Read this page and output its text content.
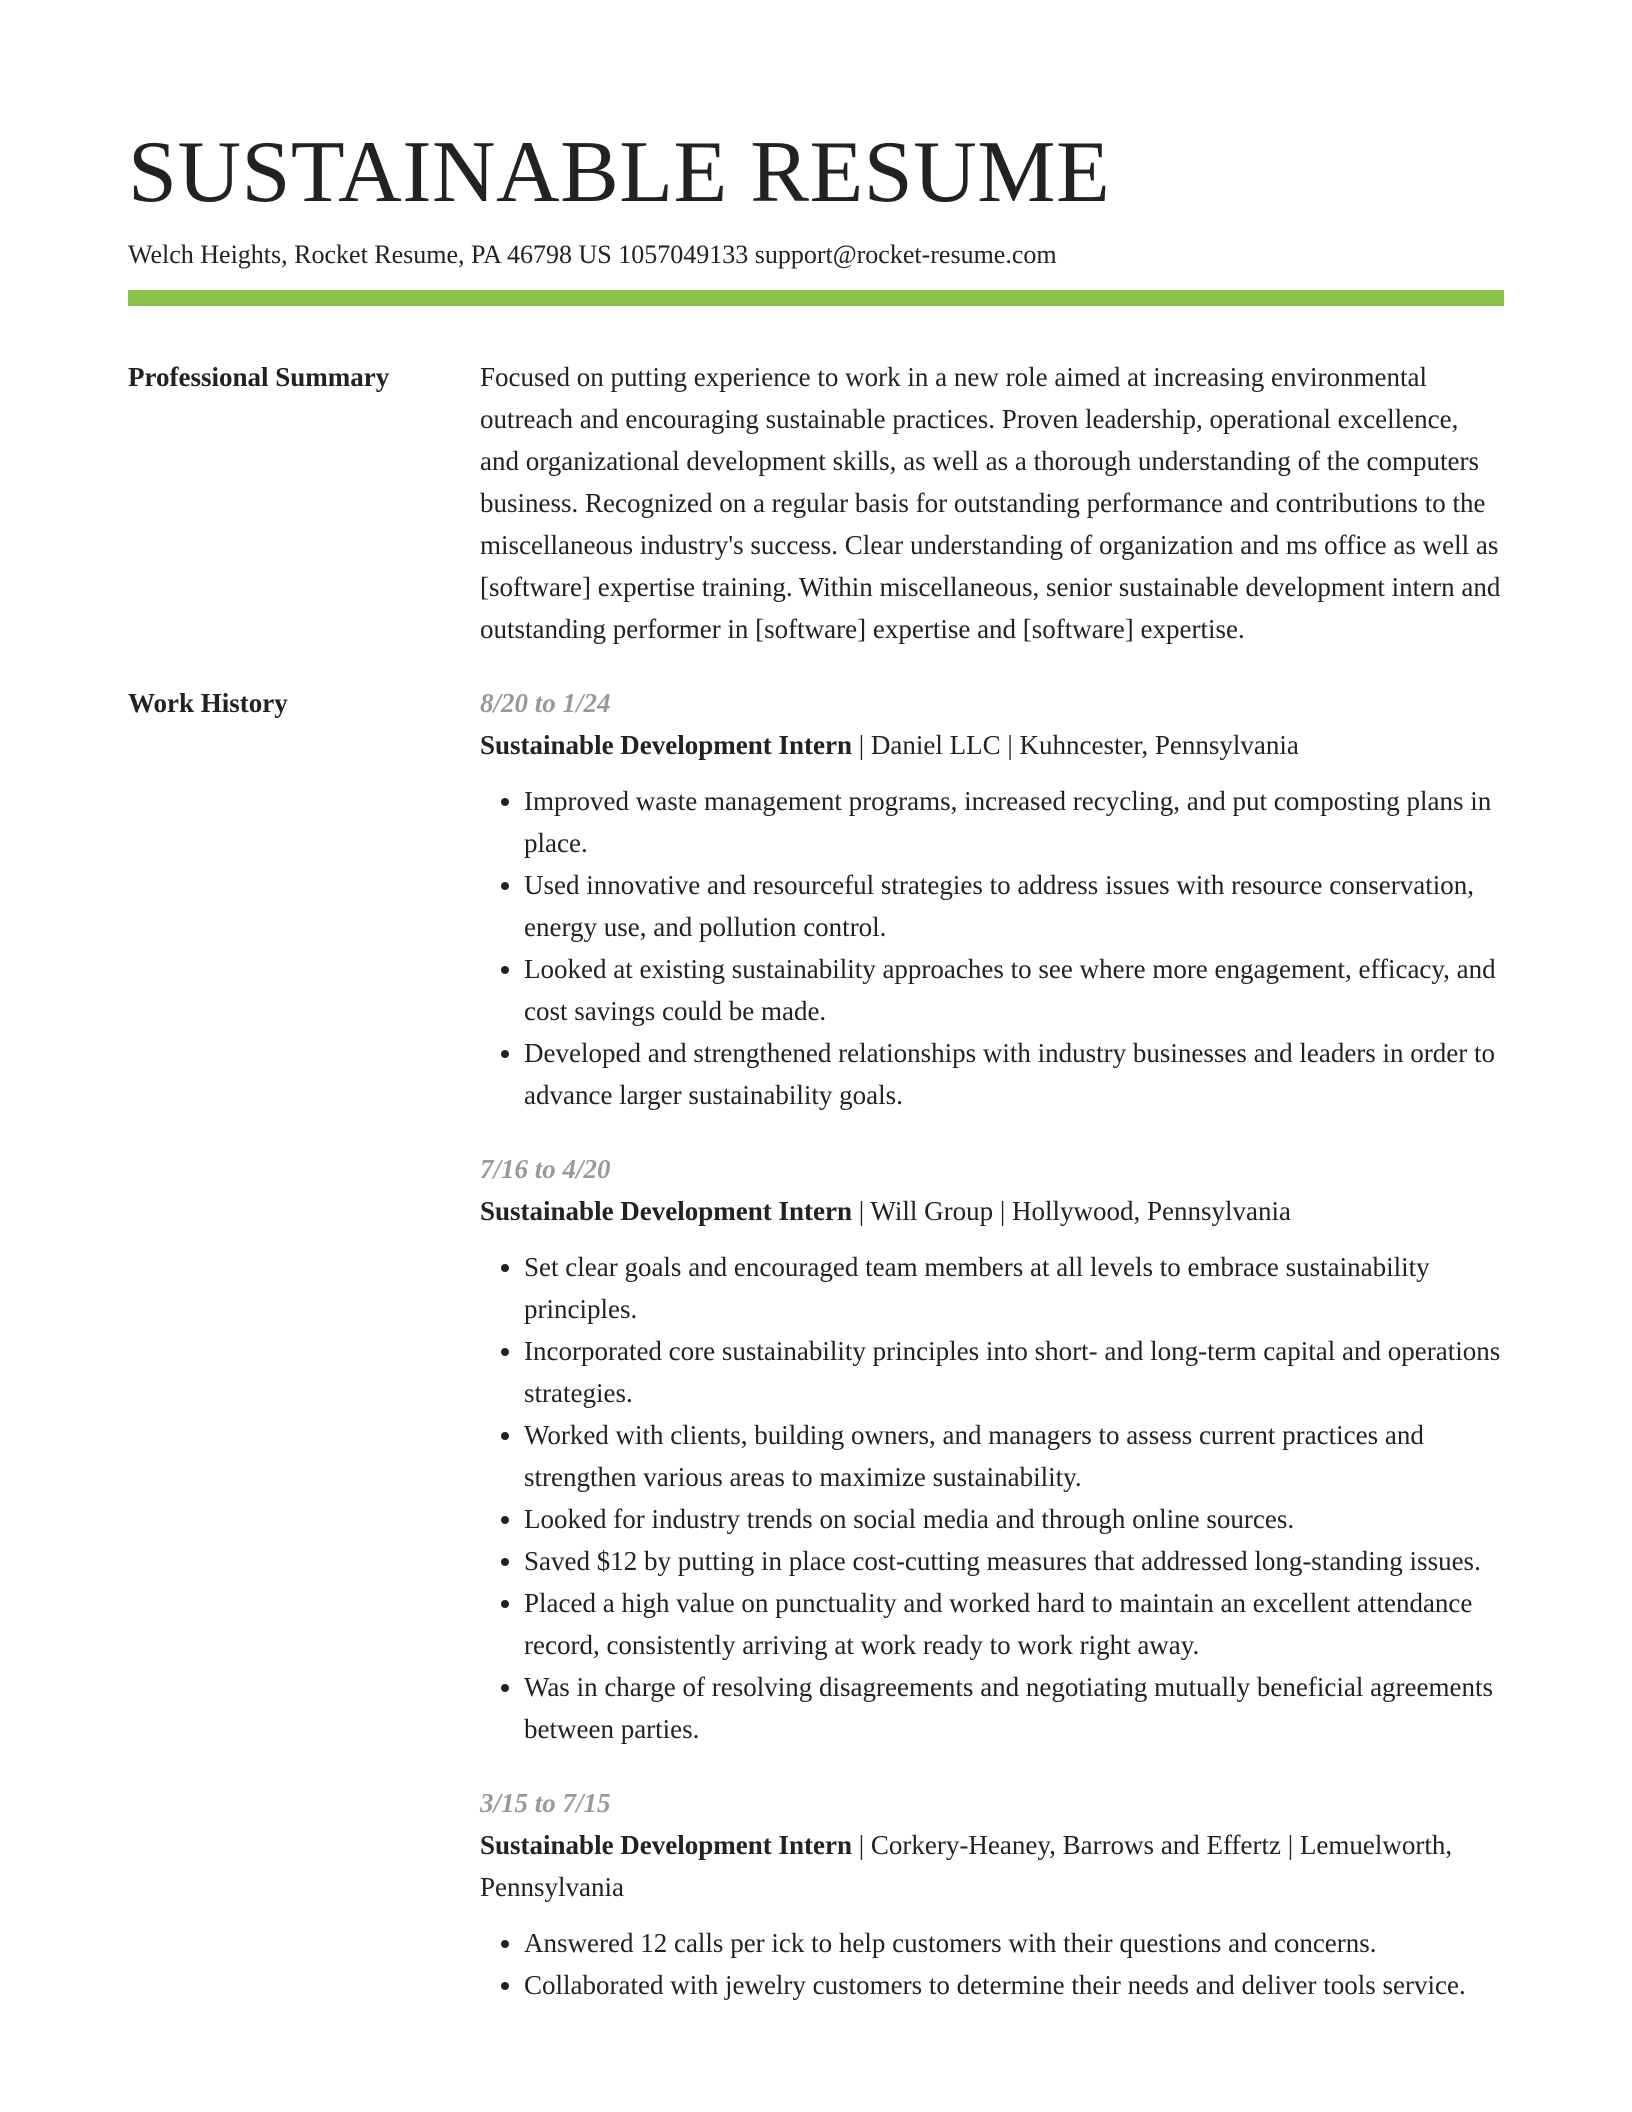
SUSTAINABLE RESUME
Welch Heights, Rocket Resume, PA 46798 US 1057049133 support@rocket-resume.com
Professional Summary	Focused on putting experience to work in a new role aimed at increasing environmental outreach and encouraging sustainable practices. Proven leadership, operational excellence, and organizational development skills, as well as a thorough understanding of the computers business. Recognized on a regular basis for outstanding performance and contributions to the miscellaneous industry's success. Clear understanding of organization and ms office as well as [software] expertise training. Within miscellaneous, senior sustainable development intern and outstanding performer in [software] expertise and [software] expertise.
Work History	8/20 to 1/24
Sustainable Development Intern | Daniel LLC | Kuhncester, Pennsylvania
• Improved waste management programs, increased recycling, and put composting plans in place.
• Used innovative and resourceful strategies to address issues with resource conservation, energy use, and pollution control.
• Looked at existing sustainability approaches to see where more engagement, efficacy, and cost savings could be made.
• Developed and strengthened relationships with industry businesses and leaders in order to advance larger sustainability goals.
7/16 to 4/20
Sustainable Development Intern | Will Group | Hollywood, Pennsylvania
• Set clear goals and encouraged team members at all levels to embrace sustainability principles.
• Incorporated core sustainability principles into short- and long-term capital and operations strategies.
• Worked with clients, building owners, and managers to assess current practices and strengthen various areas to maximize sustainability.
• Looked for industry trends on social media and through online sources.
• Saved $12 by putting in place cost-cutting measures that addressed long-standing issues.
• Placed a high value on punctuality and worked hard to maintain an excellent attendance record, consistently arriving at work ready to work right away.
• Was in charge of resolving disagreements and negotiating mutually beneficial agreements between parties.
3/15 to 7/15
Sustainable Development Intern | Corkery-Heaney, Barrows and Effertz | Lemuelworth, Pennsylvania
• Answered 12 calls per ick to help customers with their questions and concerns.
• Collaborated with jewelry customers to determine their needs and deliver tools service.
